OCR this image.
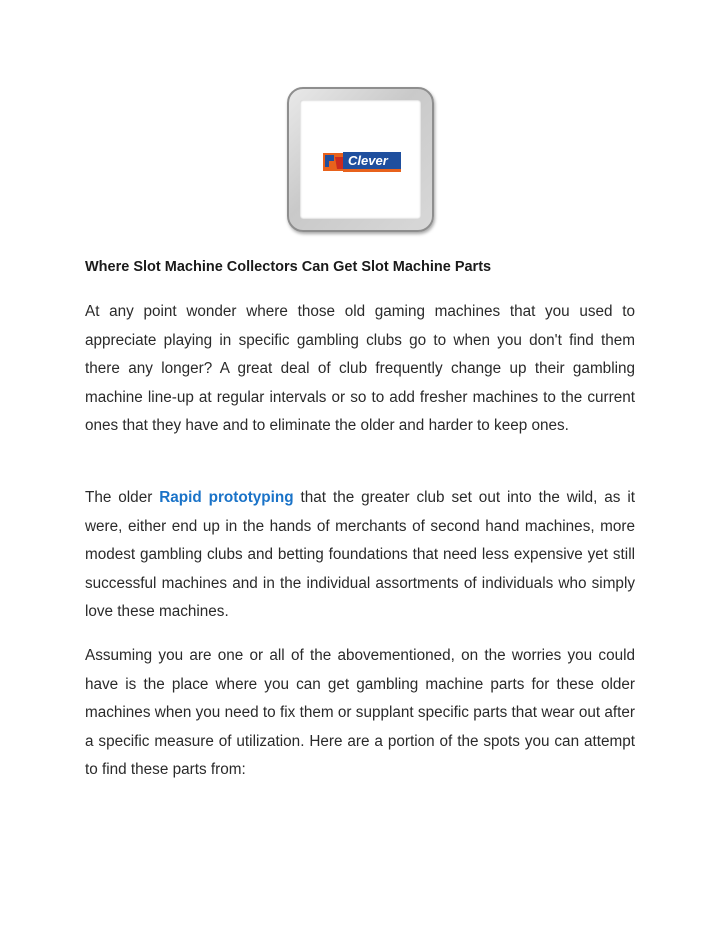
Clever
Where Slot Machine Collectors Can Get Slot Machine Parts

At any point wonder where those old gaming machines that you used to appreciate playing in specific gambling clubs go to when you don't find them there any longer? A great deal of club frequently change up their gambling machine line-up at regular intervals or so to add fresher machines to the current ones that they have and to eliminate the older and harder to keep ones.

The older Rapid prototyping that the greater club set out into the wild, as it were, either end up in the hands of merchants of second hand machines, more modest gambling clubs and betting foundations that need less expensive yet still successful machines and in the individual assortments of individuals who simply love these machines.

Assuming you are one or all of the abovementioned, on the worries you could have is the place where you can get gambling machine parts for these older machines when you need to fix them or supplant specific parts that wear out after a specific measure of utilization. Here are a portion of the spots you can attempt to find these parts from:
